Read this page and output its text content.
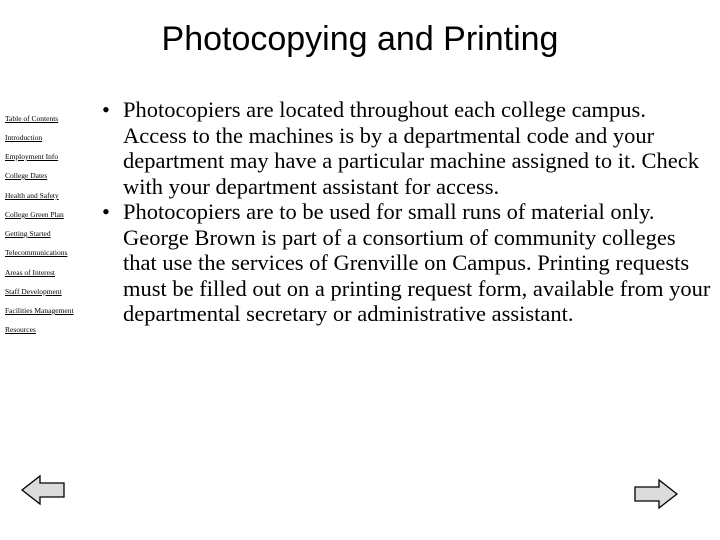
Photocopying and Printing
Table of Contents
Introduction
Employment Info
College Dates
Health and Safety
College Green Plan
Getting Started
Telecommunications
Areas of Interest
Staff Development
Facilities Management
Resources

• Photocopiers are located throughout each college campus. Access to the machines is by a departmental code and your department may have a particular machine assigned to it. Check with your department assistant for access.

• Photocopiers are to be used for small runs of material only. George Brown is part of a consortium of community colleges that use the services of Grenville on Campus. Printing requests must be filled out on a printing request form, available from your departmental secretary or administrative assistant.
